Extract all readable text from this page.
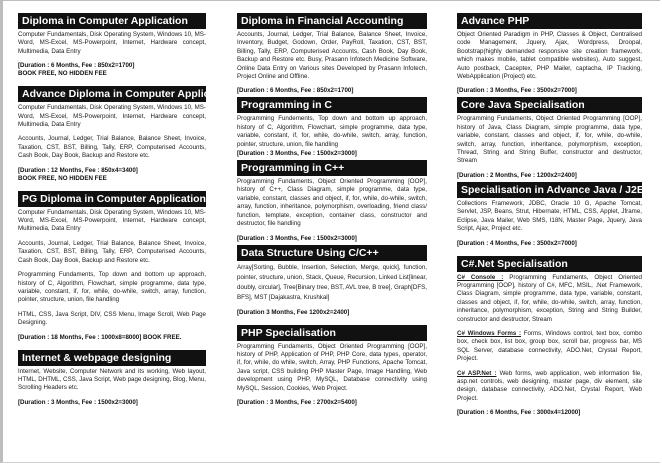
Diploma in Computer Application

Computer Fundamentals, Disk Operating System, Windows 10, MS-Word, MS-Excel, MS-Powerpoint, Internet, Hardware concept, Multimedia, Data Entry

[Duration : 6 Months, Fee : 850x2=1700]
BOOK FREE, NO HIDDEN FEE
Advance Diploma in Computer Application

Computer Fundamentals, Disk Operating System, Windows 10, MS-Word, MS-Excel, MS-Powerpoint, Internet, Hardware concept, Multimedia, Data Entry

Accounts, Journal, Ledger, Trial Balance, Balance Sheet, Invoice, Taxation, CST, BST, Billing, Tally, ERP, Computerised Accounts, Cash Book, Day Book, Backup and Restore etc.

[Duration : 12 Months, Fee : 850x4=3400]
BOOK FREE, NO HIDDEN FEE
PG Diploma in Computer Application

Computer Fundamentals, Disk Operating System, Windows 10, MS-Word, MS-Excel, MS-Powerpoint, Internet, Hardware concept, Multimedia, Data Entry

Accounts, Journal, Ledger, Trial Balance, Balance Sheet, Invoice, Taxation, CST, BST, Billing, Tally, ERP, Computerised Accounts, Cash Book, Day Book, Backup and Restore etc.

Programming Fundaments, Top down and bottom up approach, history of C, Algorithm, Flowchart, simple programme, data type, variable, constant, if, for, while, do-while, switch, array, function, pointer, structure, union, file handling

HTML, CSS, Java Script, DIV, CSS Menu, Image Scroll, Web Page Designing.

[Duration : 18 Months, Fee : 1000x8=8000] BOOK FREE.
Internet & webpage designing

Internet, Website, Computer Network and its working, Web layout, HTML, DHTML, CSS, Java Script, Web page designing, Blog, Menu, Scrolling Headers etc.

[Duration : 3 Months, Fee : 1500x2=3000]
Diploma in Financial Accounting

Accounts, Journal, Ledger, Trial Balance, Balance Sheet, Invoice, Inventory, Budget, Godown, Order, PayRoll, Taxation, CST, BST, Billing, Tally, ERP, Computerised Accounts, Cash Book, Day Book, Backup and Restore etc. Busy, Prasann Infotech Medicine Software, Online Data Entry on Various sites Developed by Prasann Infotech, Project Online and Offline.

[Duration : 6 Months, Fee : 850x2=1700]
Programming in C

Programming Fundements, Top down and bottom up approach, history of C, Algorithm, Flowchart, simple programme, data type, variable, constant, if, for, while, do-while, switch, array, function, pointer, structure, union, file handling

[Duration : 3 Months, Fee : 1500x2=3000]
Programming in C++

Programming Fundaments, Object Oriented Programming [OOP], history of C++, Class Diagram, simple programme, data type, variable, constant, classes and object, if, for, while, do-while, switch, array, function, inheritance, polymorphism, overloading, friend class/ function, template, exception, container class, constructor and destructor, file handling

[Duration : 3 Months, Fee : 1500x2=3000]
Data Structure Using C/C++

Array[Sorting, Bubble, Insertion, Selection, Merge, quick], function, pointer, structure, union, Stack, Queue, Recursion, Linked List[linear, doubly, circular], Tree[Binary tree, BST, AVL tree, B tree], Graph[DFS, BFS], MST [Dajakastra, Krushkal]

[Duration 3 Months, Fee 1200x2=2400]
PHP Specialisation

Programming Fundaments, Object Oriented Programming [OOP], history of PHP, Application of PHP, PHP Core, data types, operator, if, for, while, do while, switch, Array, PHP Functions, Apache Tomcat, Java script, CSS building PHP Master Page, Image Handling, Web development using PHP, MySQL, Database connectivity using MySQL, Session, Cookies, Web Project.

[Duration : 3 Months, Fee : 2700x2=5400]
Advance PHP

Object Oriented Paradigm in PHP, Classes & Object, Centralised code Management, Jquery, Ajax, Wordpress, Droopal, Bootstrap(highly demanded responsive site creation framework, which makes mobile, tablet compatible websites), Auto suggest, Auto postback, Caceptex, PHP Mailer, captacha, IP Tracking, WebApplication (Project) etc.

[Duration : 3 Months, Fee : 3500x2=7000]
Core Java Specialisation

Programming Fundaments, Object Oriented Programming [OOP], history of Java, Class Diagram, simple programme, data type, variable, constant, classes and object, if, for, while, do-while, switch, array, function, inheritance, polymorphism, exception, Thread, String and String Buffer, constructor and destructor, Stream

[Duration : 2 Months, Fee : 1200x2=2400]
Specialisation in Advance Java / J2EE

Collections Framework, JDBC, Oracle 10 G, Apache Tomcat, Servlet, JSP, Beans, Strut, Hibernate, HTML, CSS, Applet, Jframe, Eclipse, Java Mailer, Web SMS, I18N, Master Page, Jquery, Java Script, Ajax, Project etc.

[Duration : 4 Months, Fee : 3500x2=7000]
C#.Net Specialisation

C# Console : Programming Fundaments, Object Oriented Programming [OOP], history of C#, MFC, MSIL, .Net Framework, Class Diagram, simple programme, data type, variable, constant, classes and object, if, for, while, do-while, switch, array, function, inheritance, polymorphism, exception, String and String Builder, constructor and destructor, Stream

C# Windows Forms : Forms, Windows control, text box, combo box, check box, list box, group box, scroll bar, progress bar, MS SQL Server, database connectivity, ADO.Net, Crystal Report, Project.

C# ASP.Net : Web forms, web application, web information file, asp.net controls, web designing, master page, div element, site design, database connectivity, ADO.Net, Crystal Report, Web Project.

[Duration : 6 Months, Fee : 3000x4=12000]
